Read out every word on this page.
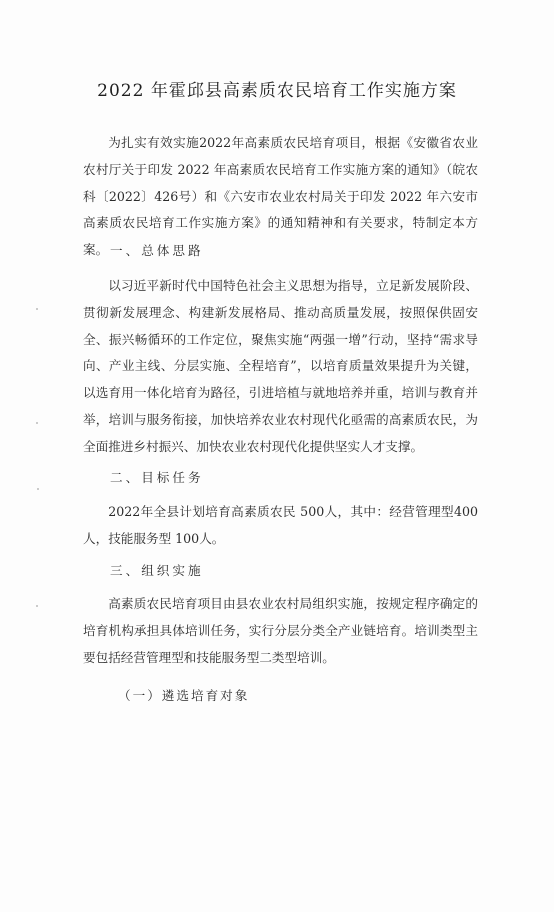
2022 年霍邱县高素质农民培育工作实施方案
为扎实有效实施2022年高素质农民培育项目，根据《安徽省农业农村厅关于印发 2022 年高素质农民培育工作实施方案的通知》（皖农科〔2022〕426号）和《六安市农业农村局关于印发 2022 年六安市高素质农民培育工作实施方案》的通知精神和有关要求，特制定本方案。 一、总体思路
以习近平新时代中国特色社会主义思想为指导，立足新发展阶段、贯彻新发展理念、构建新发展格局、推动高质量发展，按照保供固安全、振兴畅循环的工作定位，聚焦实施“两强一增”行动，坚持“需求导向、产业主线、分层实施、全程培育”，以培育质量效果提升为关键，以选育用一体化培育为路径，引进培植与就地培养并重，培训与教育并举，培训与服务衔接，加快培养农业农村现代化亟需的高素质农民，为全面推进乡村振兴、加快农业农村现代化提供坚实人才支撑。
二、目标任务
2022年全县计划培育高素质农民 500人，其中：经营管理型400人，技能服务型 100人。
三、组织实施
高素质农民培育项目由县农业农村局组织实施，按规定程序确定的培育机构承担具体培训任务，实行分层分类全产业链培育。培训类型主要包括经营管理型和技能服务型二类型培训。
（一）遴选培育对象
